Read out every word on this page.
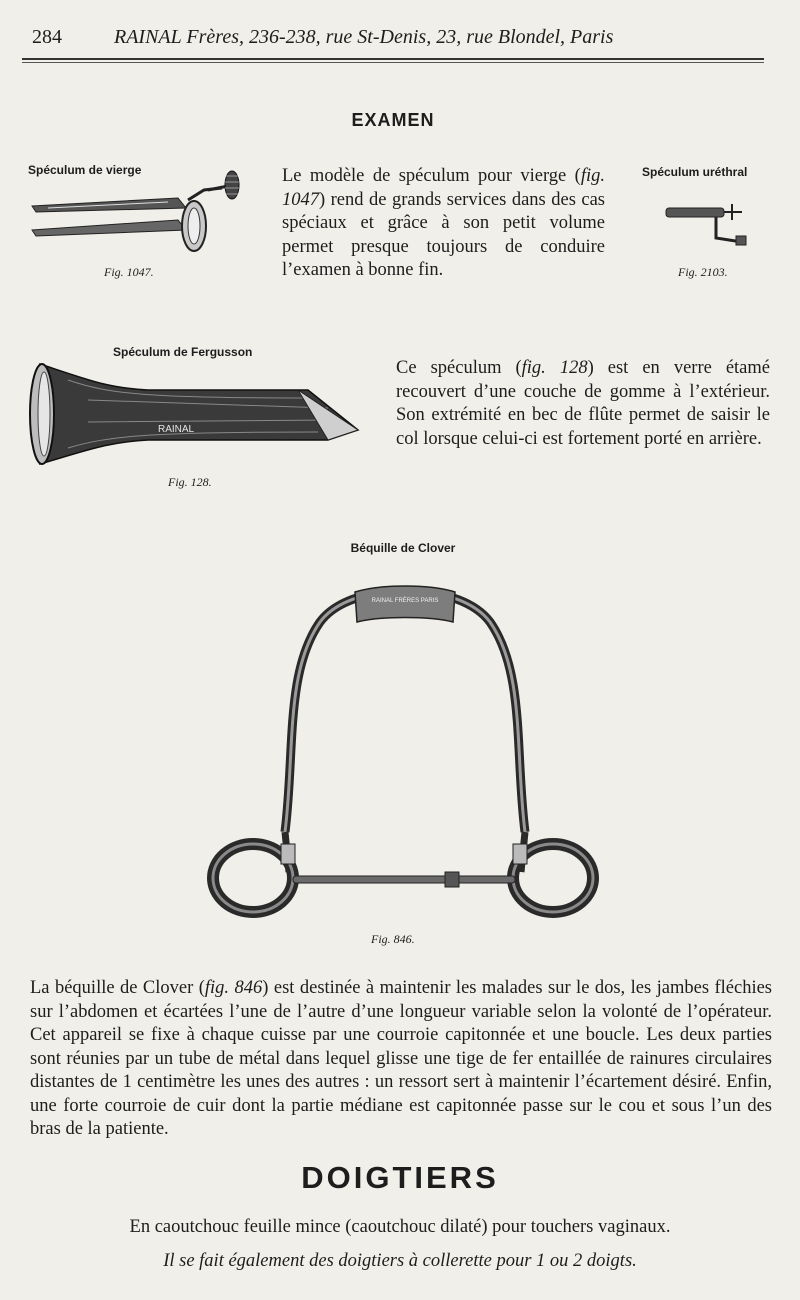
284	RAINAL Frères, 236-238, rue St-Denis, 23, rue Blondel, Paris
EXAMEN
Spéculum de vierge
Fig. 1047.
Le modèle de spéculum pour vierge (fig. 1047) rend de grands services dans des cas spéciaux et grâce à son petit volume permet presque toujours de conduire l’examen à bonne fin.
Spéculum uréthral
Fig. 2103.
Spéculum de Fergusson
RAINAL
Fig. 128.
Ce spéculum (fig. 128) est en verre étamé recouvert d’une couche de gomme à l’extérieur. Son extrémité en bec de flûte permet de saisir le col lorsque celui-ci est fortement porté en arrière.
Béquille de Clover
RAINAL FRÈRES PARIS
Fig. 846.
La béquille de Clover (fig. 846) est destinée à maintenir les malades sur le dos, les jambes fléchies sur l’abdomen et écartées l’une de l’autre d’une longueur variable selon la volonté de l’opérateur. Cet appareil se fixe à chaque cuisse par une courroie capitonnée et une boucle. Les deux parties sont réunies par un tube de métal dans lequel glisse une tige de fer entaillée de rainures circulaires distantes de 1 centimètre les unes des autres : un ressort sert à maintenir l’écartement désiré. Enfin, une forte courroie de cuir dont la partie médiane est capitonnée passe sur le cou et sous l’un des bras de la patiente.
DOIGTIERS
En caoutchouc feuille mince (caoutchouc dilaté) pour touchers vaginaux.
Il se fait également des doigtiers à collerette pour 1 ou 2 doigts.
